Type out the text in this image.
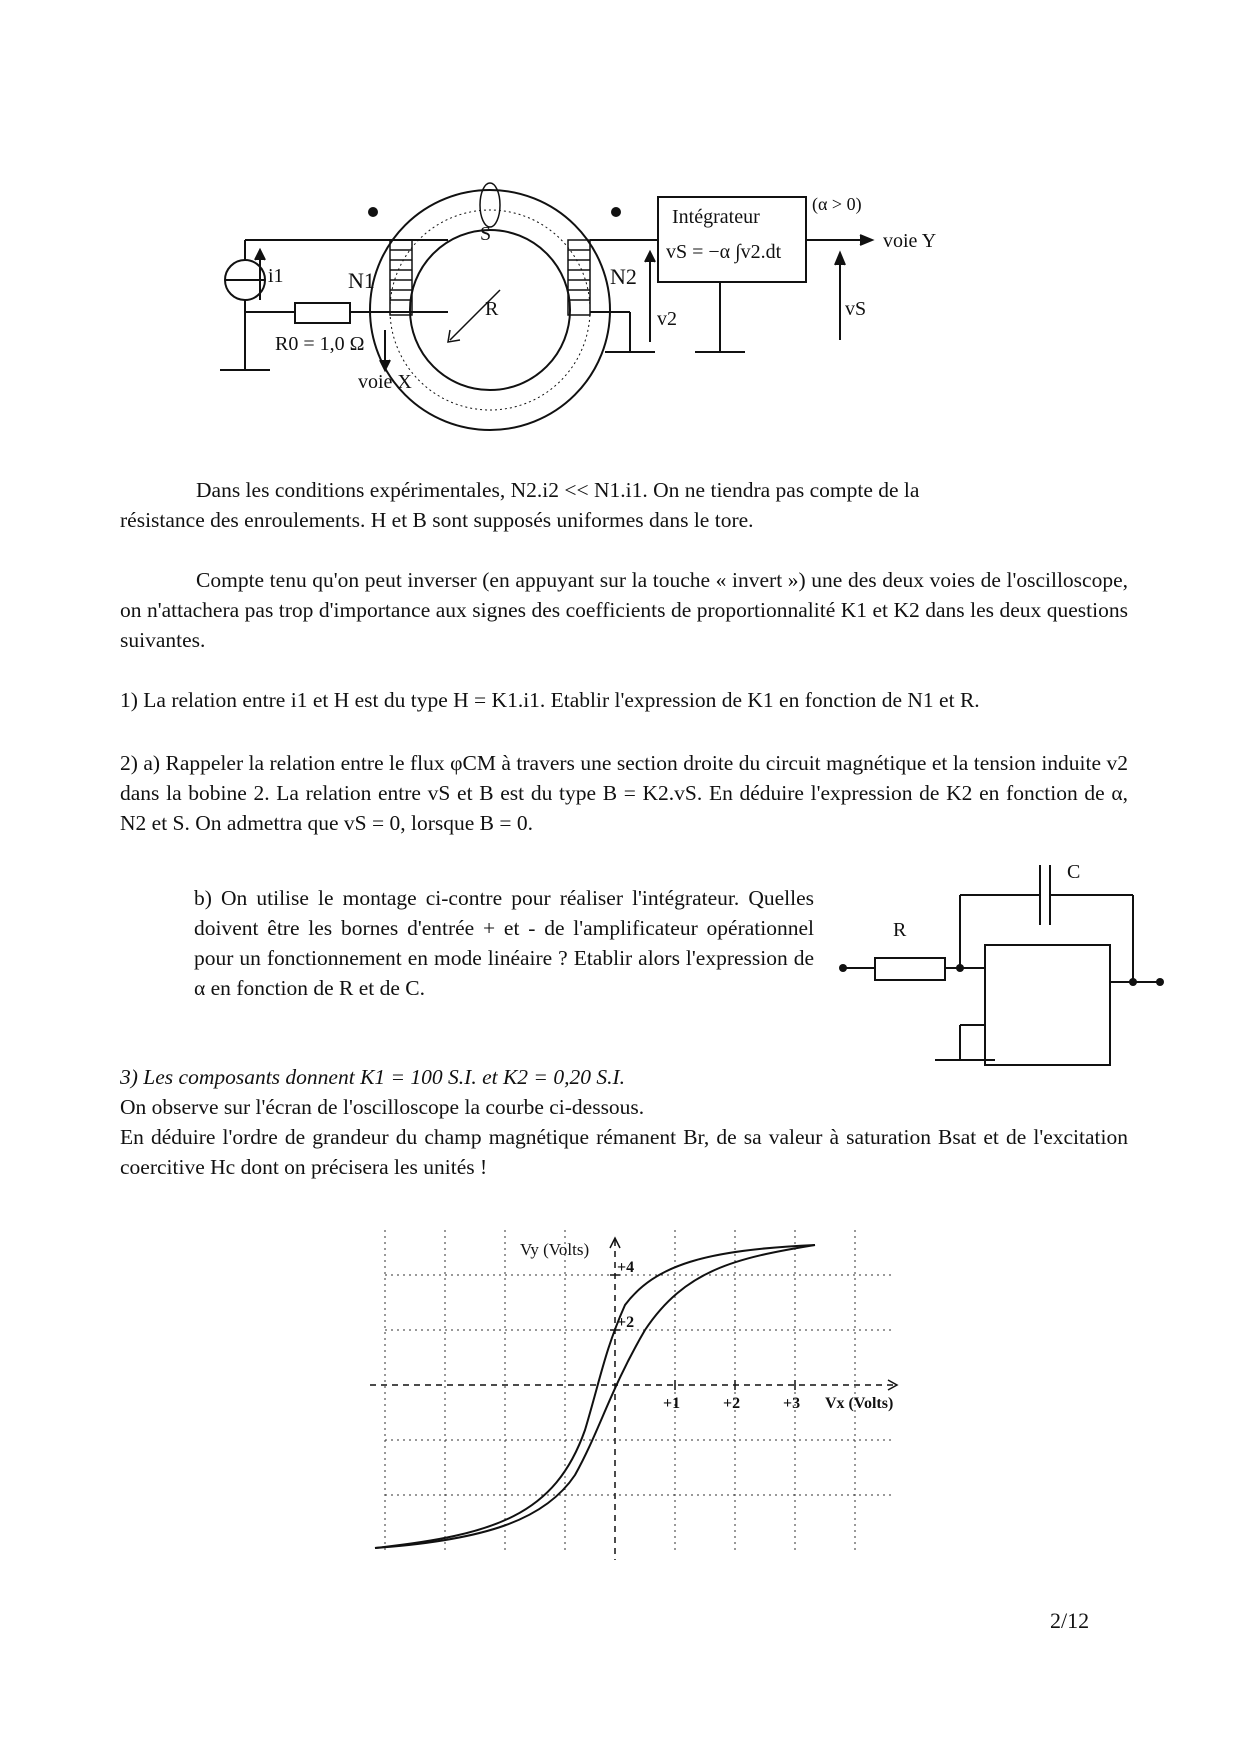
i1	N1	N2
S
R
R0 = 1,0 Ω
voie X
v2
Intégrateur
vS = −α ∫v2.dt
(α > 0)
voie Y
vS
Dans les conditions expérimentales, N2.i2 << N1.i1. On ne tiendra pas compte de la
résistance des enroulements. H et B sont supposés uniformes dans le tore.
Compte tenu qu'on peut inverser (en appuyant sur la touche « invert ») une des deux voies de l'oscilloscope, on n'attachera pas trop d'importance aux signes des coefficients de proportionnalité K1 et K2 dans les deux questions suivantes.
1) La relation entre i1 et H est du type H = K1.i1. Etablir l'expression de K1 en fonction de N1 et R.
2) a) Rappeler la relation entre le flux φCM à travers une section droite du circuit magnétique et la tension induite v2 dans la bobine 2. La relation entre vS et B est du type B = K2.vS. En déduire l'expression de K2 en fonction de α, N2 et S. On admettra que vS = 0, lorsque B = 0.
b) On utilise le montage ci-contre pour réaliser l'intégrateur. Quelles doivent être les bornes d'entrée + et - de l'amplificateur opérationnel pour un fonctionnement en mode linéaire ? Etablir alors l'expression de α en fonction de R et de C.
C
R
3) Les composants donnent K1 = 100 S.I. et K2 = 0,20 S.I.
On observe sur l'écran de l'oscilloscope la courbe ci-dessous.
En déduire l'ordre de grandeur du champ magnétique rémanent Br, de sa valeur à saturation Bsat et de l'excitation coercitive Hc dont on précisera les unités !
Vy (Volts)
+4
+2
+1	+2	+3 Vx (Volts)
2/12
